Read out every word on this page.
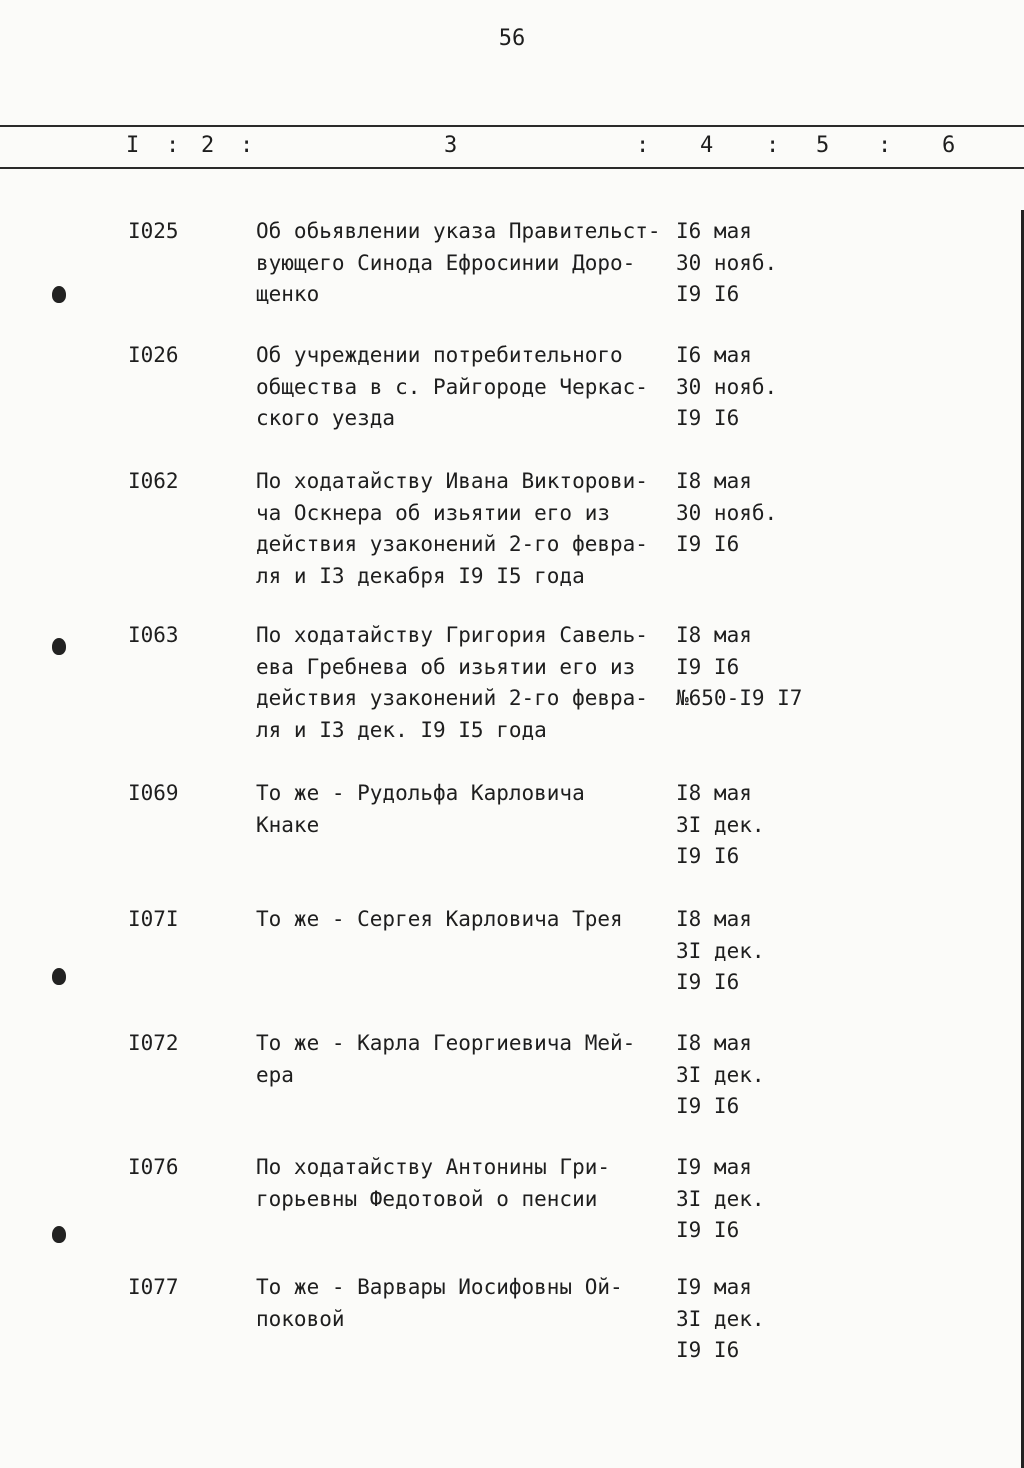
56
I : 2 :	3	: 4 : 5 : 6
I025	Об обьявлении указа Правительст-
вующего Синода Ефросинии Доро-
щенко
I6 мая
30 нояб.
I9 I6
I026	Об учреждении потребительного
общества в с. Райгороде Черкас-
ского уезда
I6 мая
30 нояб.
I9 I6
I062	По ходатайству Ивана Викторови-
ча Оскнера об изьятии его из
действия узаконений 2-го февра-
ля и I3 декабря I9 I5 года
I8 мая
30 нояб.
I9 I6
I063	По ходатайству Григория Савель-
ева Гребнева об изьятии его из
действия узаконений 2-го февра-
ля и I3 дек. I9 I5 года
I8 мая
I9 I6
№650-I9 I7
I069	То же - Рудольфа Карловича
Кнаке
I8 мая
3I дек.
I9 I6
I07I	То же - Сергея Карловича Трея	I8 мая
3I дек.
I9 I6
I072	То же - Карла Георгиевича Мей-
ера
I8 мая
3I дек.
I9 I6
I076	По ходатайству Антонины Гри-
горьевны Федотовой о пенсии
I9 мая
3I дек.
I9 I6
I077	То же - Варвары Иосифовны Ой-
поковой
I9 мая
3I дек.
I9 I6
